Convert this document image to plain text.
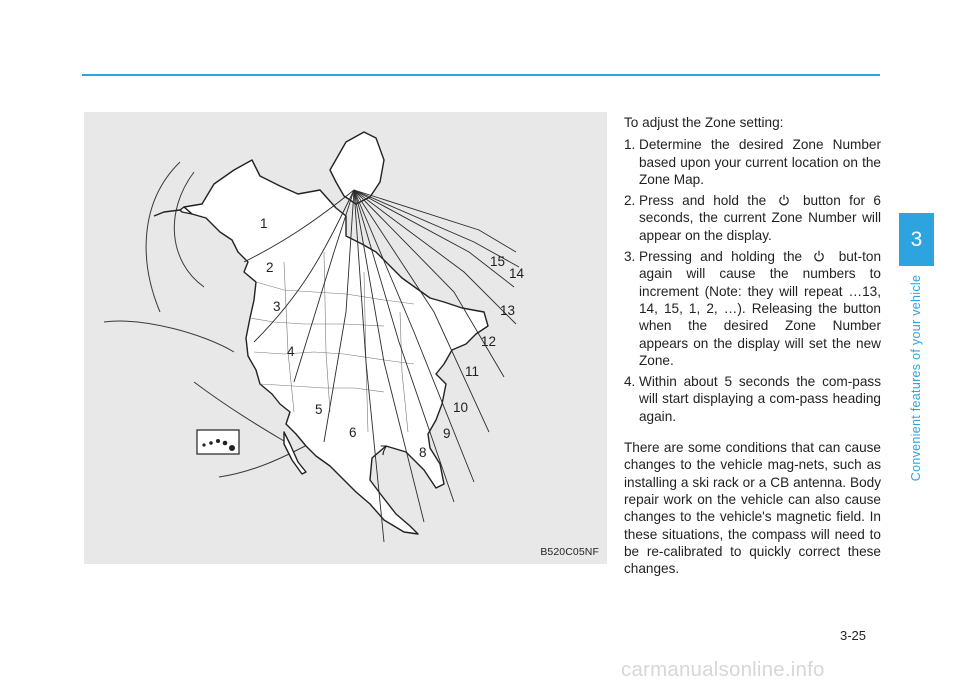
1
2
3
4
5
6
7 8
9
10
11
12
13
14
15
B520C05NF

To adjust the Zone setting:

1. Determine the desired Zone Number based upon your current location on the Zone Map.
2. Press and hold the	button for 6 seconds, the current Zone Number will appear on the display.
3. Pressing and holding the	but-ton again will cause the numbers to increment (Note: they will repeat …13, 14, 15, 1, 2, …). Releasing the button when the desired Zone Number appears on the display will set the new Zone.
4. Within about 5 seconds the com-pass will start displaying a com-pass heading again.

There are some conditions that can cause changes to the vehicle mag-nets, such as installing a ski rack or a CB antenna. Body repair work on the vehicle can also cause changes to the vehicle's magnetic field. In these situations, the compass will need to be re-calibrated to quickly correct these changes.

3
Convenient features of your vehicle
3-25
carmanualsonline.info
